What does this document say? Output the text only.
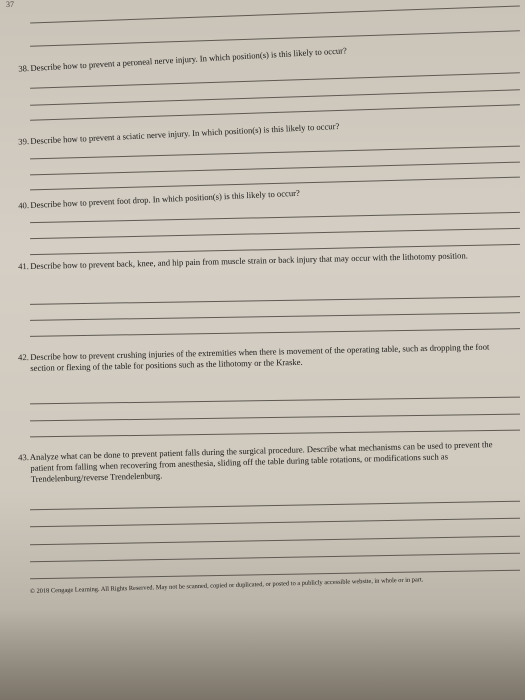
37
38. Describe how to prevent a peroneal nerve injury. In which position(s) is this likely to occur?
39. Describe how to prevent a sciatic nerve injury. In which position(s) is this likely to occur?
40. Describe how to prevent foot drop. In which position(s) is this likely to occur?
41. Describe how to prevent back, knee, and hip pain from muscle strain or back injury that may occur with the lithotomy position.
42. Describe how to prevent crushing injuries of the extremities when there is movement of the operating table, such as dropping the foot section or flexing of the table for positions such as the lithotomy or the Kraske.
43. Analyze what can be done to prevent patient falls during the surgical procedure. Describe what mechanisms can be used to prevent the patient from falling when recovering from anesthesia, sliding off the table during table rotations, or modifications such as Trendelenburg/reverse Trendelenburg.
© 2018 Cengage Learning. All Rights Reserved. May not be scanned, copied or duplicated, or posted to a publicly accessible website, in whole or in part.
